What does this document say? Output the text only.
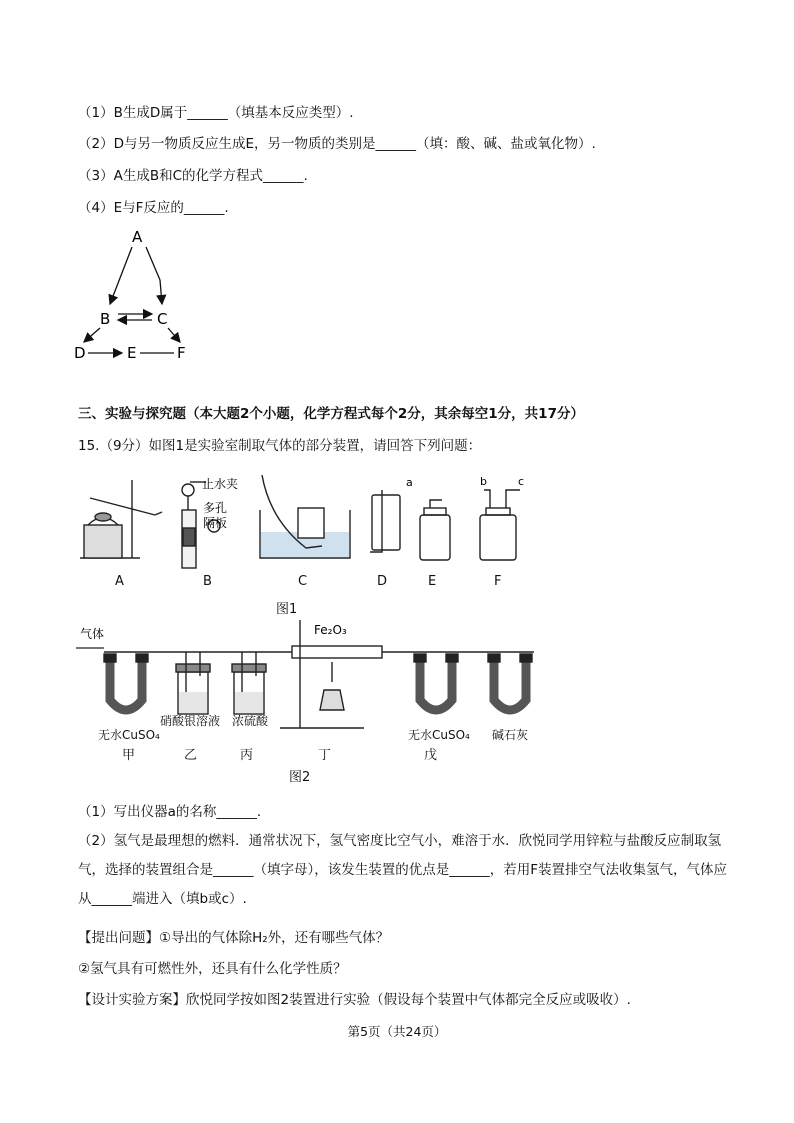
（1）B生成D属于______（填基本反应类型）.
（2）D与另一物质反应生成E，另一物质的类别是______（填：酸、碱、盐或氧化物）.
（3）A生成B和C的化学方程式______.
（4）E与F反应的______.
A
B	C
D	E	F
三、实验与探究题（本大题2个小题，化学方程式每个2分，其余每空1分，共17分）
15.（9分）如图1是实验室制取气体的部分装置，请回答下列问题：
止水夹
多孔
隔板
a	b	c
A	B	C	D	E	F
图1
气体	Fe₂O₃
无水CuSO₄
硝酸银溶液 浓硫酸
无水CuSO₄ 碱石灰
甲	乙	丙	丁	戊
图2
（1）写出仪器a的名称______.
（2）氢气是最理想的燃料．通常状况下，氢气密度比空气小，难溶于水．欣悦同学用锌粒与盐酸反应制取氢气，选择的装置组合是______（填字母），该发生装置的优点是______，若用F装置排空气法收集氢气，气体应从______端进入（填b或c）.
【提出问题】①导出的气体除H₂外，还有哪些气体？
②氢气具有可燃性外，还具有什么化学性质？
【设计实验方案】欣悦同学按如图2装置进行实验（假设每个装置中气体都完全反应或吸收）.
第5页（共24页）
